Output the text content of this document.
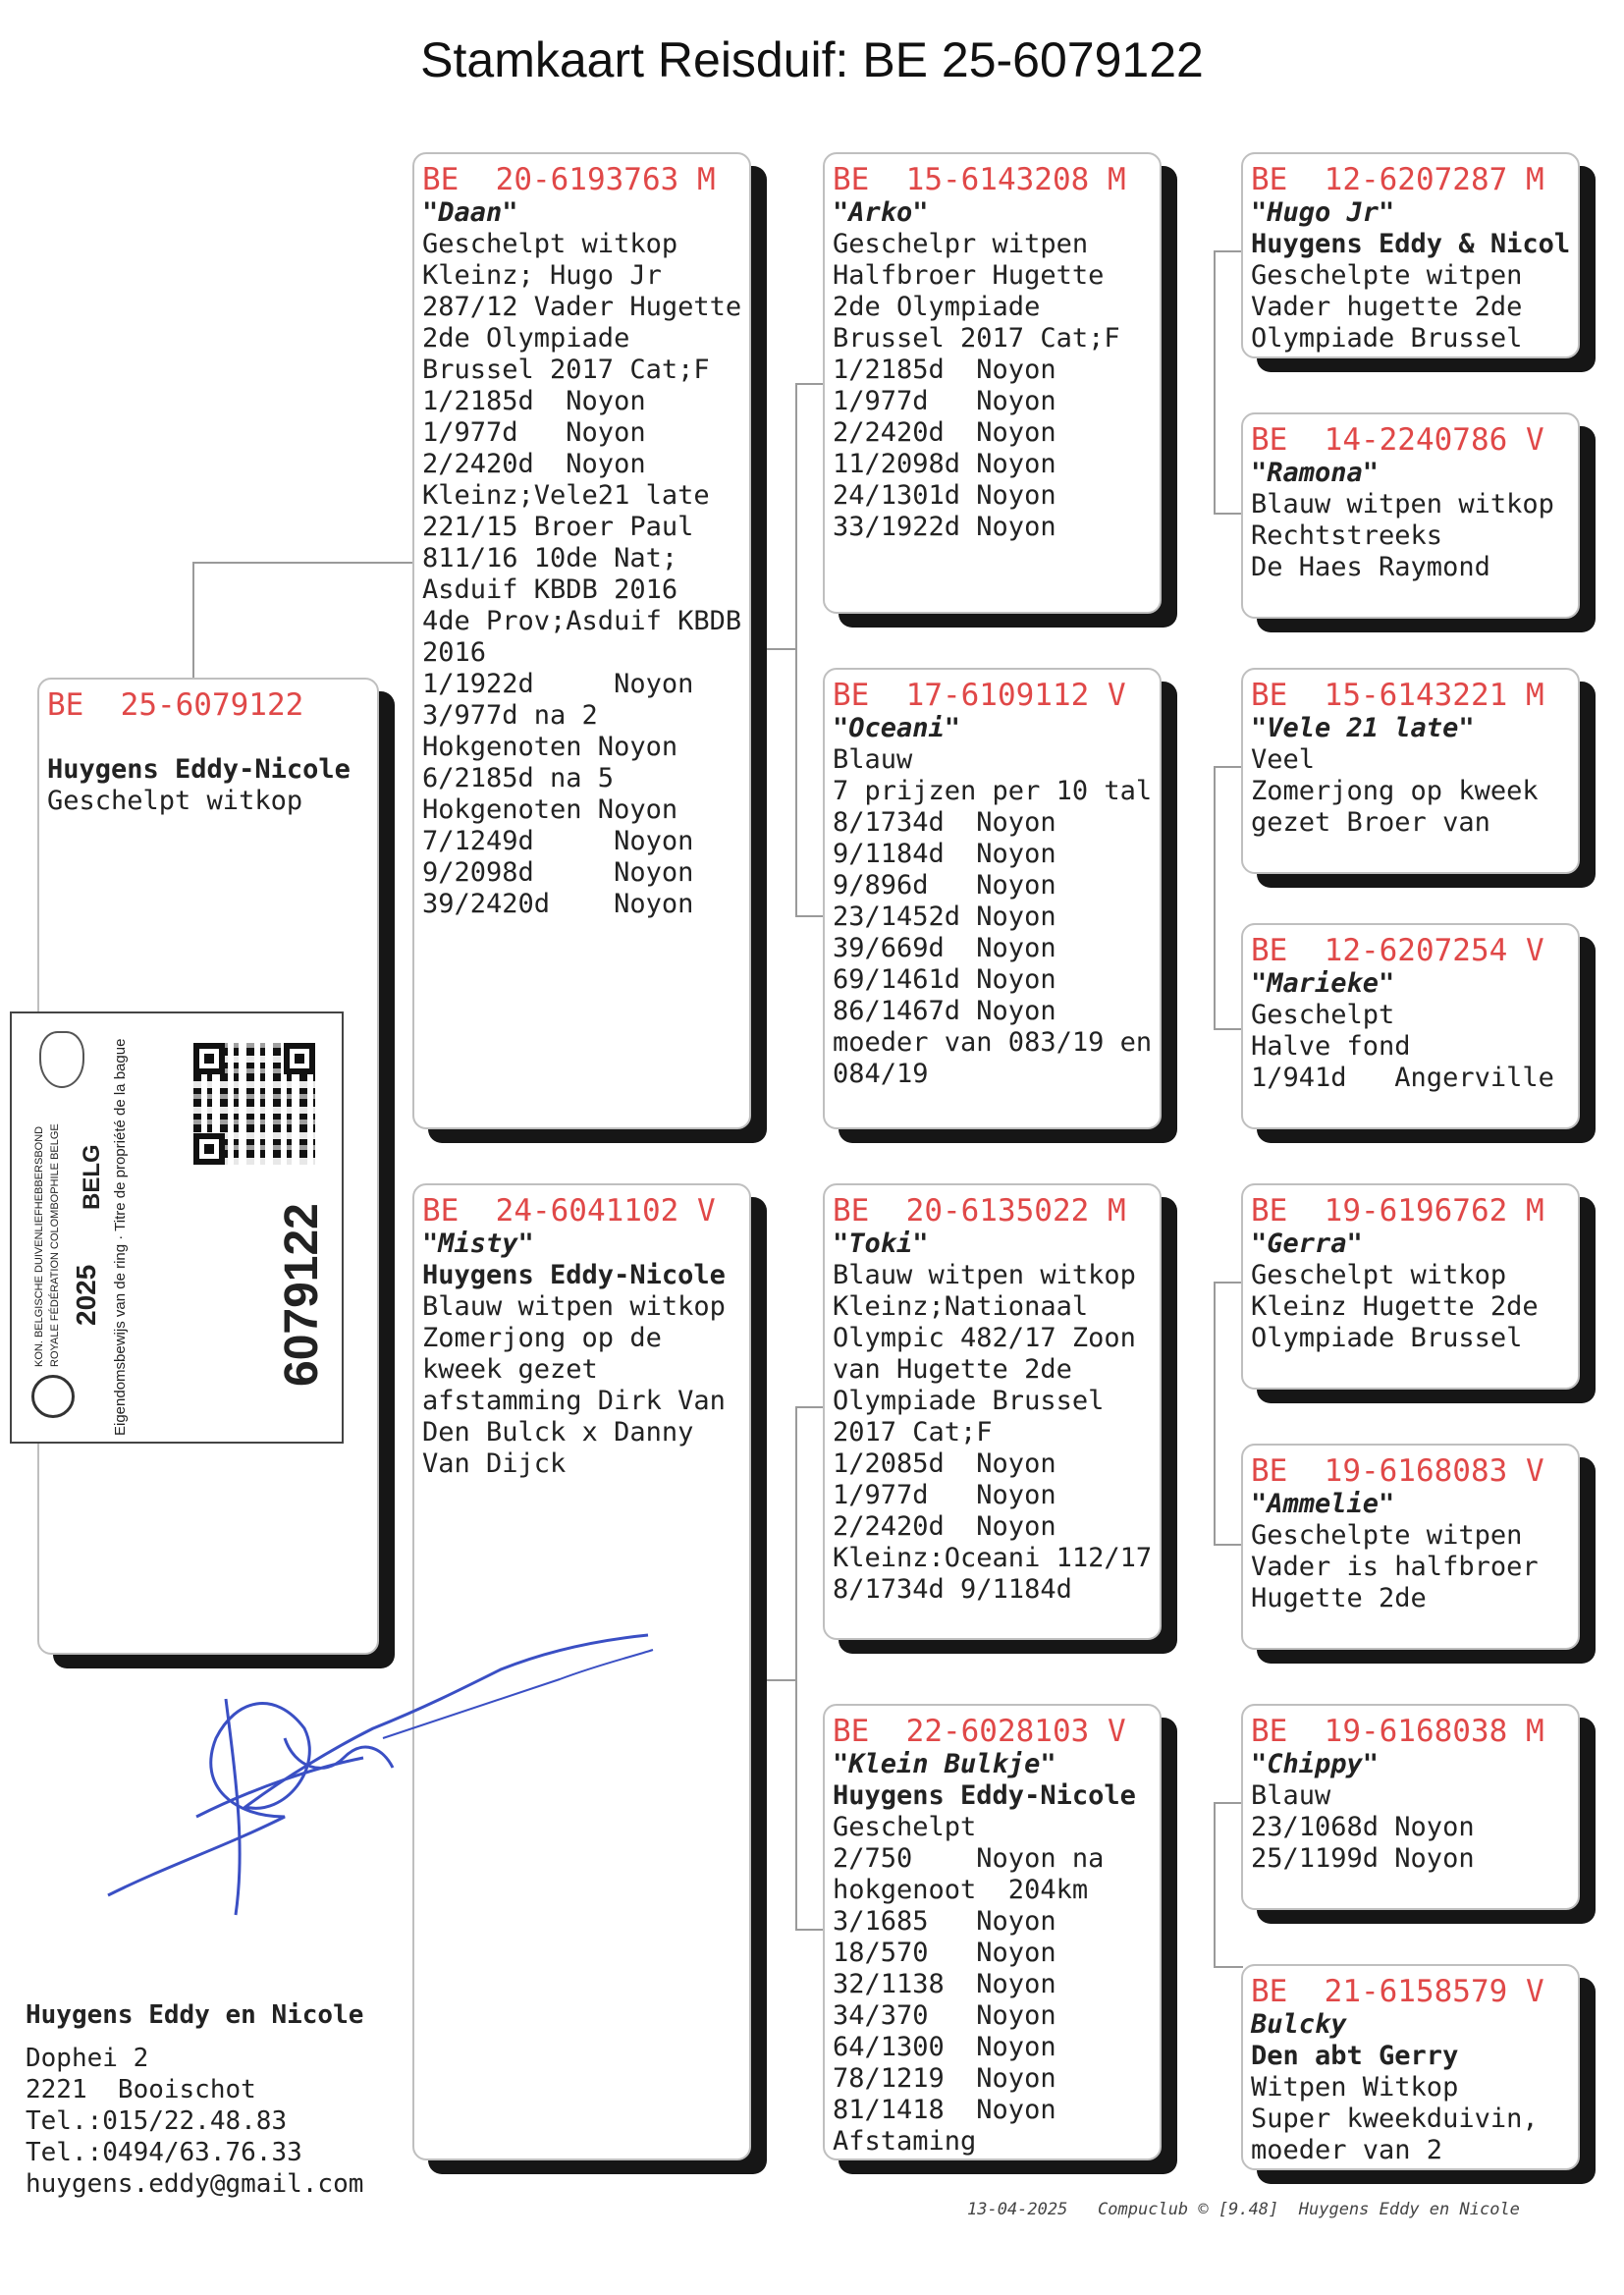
Stamkaart Reisduif: BE 25-6079122
BE  25-6079122
Huygens Eddy-Nicole
Geschelpt witkop
Eigendomsbewijs van de ring · Titre de propriété de la bague
KON. BELGISCHE DUIVENLIEFHEBBERSBOND ROYALE FÉDÉRATION COLOMBOPHILE BELGE 2025
BELG
6079122
BE  20-6193763 M
"Daan"
Geschelpt witkop
Kleinz; Hugo Jr
287/12 Vader Hugette
2de Olympiade
Brussel 2017 Cat;F
1/2185d  Noyon
1/977d   Noyon
2/2420d  Noyon
Kleinz;Vele21 late
221/15 Broer Paul
811/16 10de Nat;
Asduif KBDB 2016
4de Prov;Asduif KBDB
2016
1/1922d     Noyon
3/977d na 2
Hokgenoten Noyon
6/2185d na 5
Hokgenoten Noyon
7/1249d     Noyon
9/2098d     Noyon
39/2420d    Noyon
BE  24-6041102 V
"Misty"
Huygens Eddy-Nicole
Blauw witpen witkop
Zomerjong op de
kweek gezet
afstamming Dirk Van
Den Bulck x Danny
Van Dijck
BE  15-6143208 M
"Arko"
Geschelpr witpen
Halfbroer Hugette
2de Olympiade
Brussel 2017 Cat;F
1/2185d  Noyon
1/977d   Noyon
2/2420d  Noyon
11/2098d Noyon
24/1301d Noyon
33/1922d Noyon
BE  17-6109112 V
"Oceani"
Blauw
7 prijzen per 10 tal
8/1734d  Noyon
9/1184d  Noyon
9/896d   Noyon
23/1452d Noyon
39/669d  Noyon
69/1461d Noyon
86/1467d Noyon
moeder van 083/19 en
084/19
BE  20-6135022 M
"Toki"
Blauw witpen witkop
Kleinz;Nationaal
Olympic 482/17 Zoon
van Hugette 2de
Olympiade Brussel
2017 Cat;F
1/2085d  Noyon
1/977d   Noyon
2/2420d  Noyon
Kleinz:Oceani 112/17
8/1734d 9/1184d
BE  22-6028103 V
"Klein Bulkje"
Huygens Eddy-Nicole
Geschelpt
2/750    Noyon na
hokgenoot  204km
3/1685   Noyon
18/570   Noyon
32/1138  Noyon
34/370   Noyon
64/1300  Noyon
78/1219  Noyon
81/1418  Noyon
Afstaming
BE  12-6207287 M
"Hugo Jr"
Huygens Eddy & Nicol
Geschelpte witpen
Vader hugette 2de
Olympiade Brussel
BE  14-2240786 V
"Ramona"
Blauw witpen witkop
Rechtstreeks
De Haes Raymond
BE  15-6143221 M
"Vele 21 late"
Veel
Zomerjong op kweek
gezet Broer van
BE  12-6207254 V
"Marieke"
Geschelpt
Halve fond
1/941d   Angerville
BE  19-6196762 M
"Gerra"
Geschelpt witkop
Kleinz Hugette 2de
Olympiade Brussel
BE  19-6168083 V
"Ammelie"
Geschelpte witpen
Vader is halfbroer
Hugette 2de
BE  19-6168038 M
"Chippy"
Blauw
23/1068d Noyon
25/1199d Noyon
BE  21-6158579 V
Bulcky
Den abt Gerry
Witpen Witkop
Super kweekduivin,
moeder van 2
Huygens Eddy en Nicole
Dophei 2
2221  Booischot
Tel.:015/22.48.83
Tel.:0494/63.76.33
huygens.eddy@gmail.com
13-04-2025   Compuclub © [9.48]  Huygens Eddy en Nicole
